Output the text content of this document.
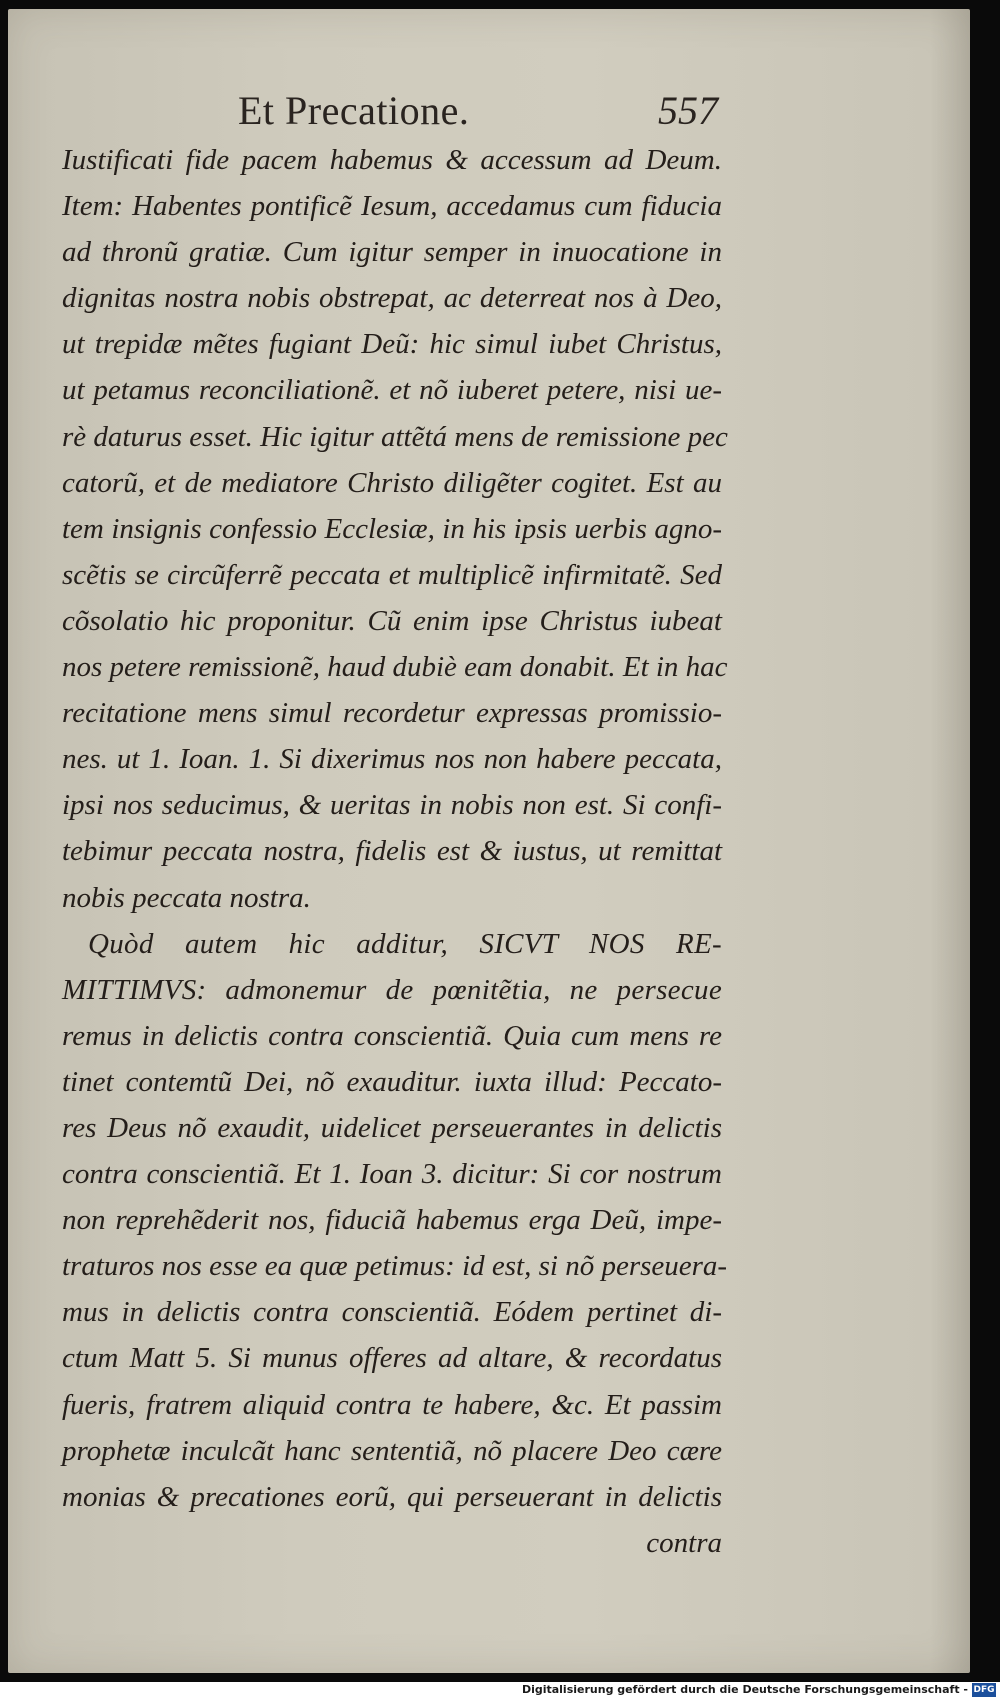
Et Precatione.	557
Iustificati fide pacem habemus & accessum ad Deum.
Item: Habentes pontificẽ Iesum, accedamus cum fiducia
ad thronũ gratiæ. Cum igitur semper in inuocatione in
dignitas nostra nobis obstrepat, ac deterreat nos à Deo,
ut trepidæ mẽtes fugiant Deũ: hic simul iubet Christus,
ut petamus reconciliationẽ. et nõ iuberet petere, nisi ue-
rè daturus esset. Hic igitur attẽtá mens de remissione pec
catorũ, et de mediatore Christo diligẽter cogitet. Est au
tem insignis confessio Ecclesiæ, in his ipsis uerbis agno-
scẽtis se circũferrẽ peccata et multiplicẽ infirmitatẽ. Sed
cõsolatio hic proponitur. Cũ enim ipse Christus iubeat
nos petere remissionẽ, haud dubiè eam donabit. Et in hac
recitatione mens simul recordetur expressas promissio-
nes. ut 1. Ioan. 1. Si dixerimus nos non habere peccata,
ipsi nos seducimus, & ueritas in nobis non est. Si confi-
tebimur peccata nostra, fidelis est & iustus, ut remittat
nobis peccata nostra.
Quòd autem hic additur, SICVT NOS RE-
MITTIMVS: admonemur de pœnitẽtia, ne persecue
remus in delictis contra conscientiã. Quia cum mens re
tinet contemtũ Dei, nõ exauditur. iuxta illud: Peccato-
res Deus nõ exaudit, uidelicet perseuerantes in delictis
contra conscientiã. Et 1. Ioan 3. dicitur: Si cor nostrum
non reprehẽderit nos, fiduciã habemus erga Deũ, impe-
traturos nos esse ea quæ petimus: id est, si nõ perseuera-
mus in delictis contra conscientiã. Eódem pertinet di-
ctum Matt 5. Si munus offeres ad altare, & recordatus
fueris, fratrem aliquid contra te habere, &c. Et passim
prophetæ inculcãt hanc sententiã, nõ placere Deo cære
monias & precationes eorũ, qui perseuerant in delictis
contra
Digitalisierung gefördert durch die Deutsche Forschungsgemeinschaft - DFG
